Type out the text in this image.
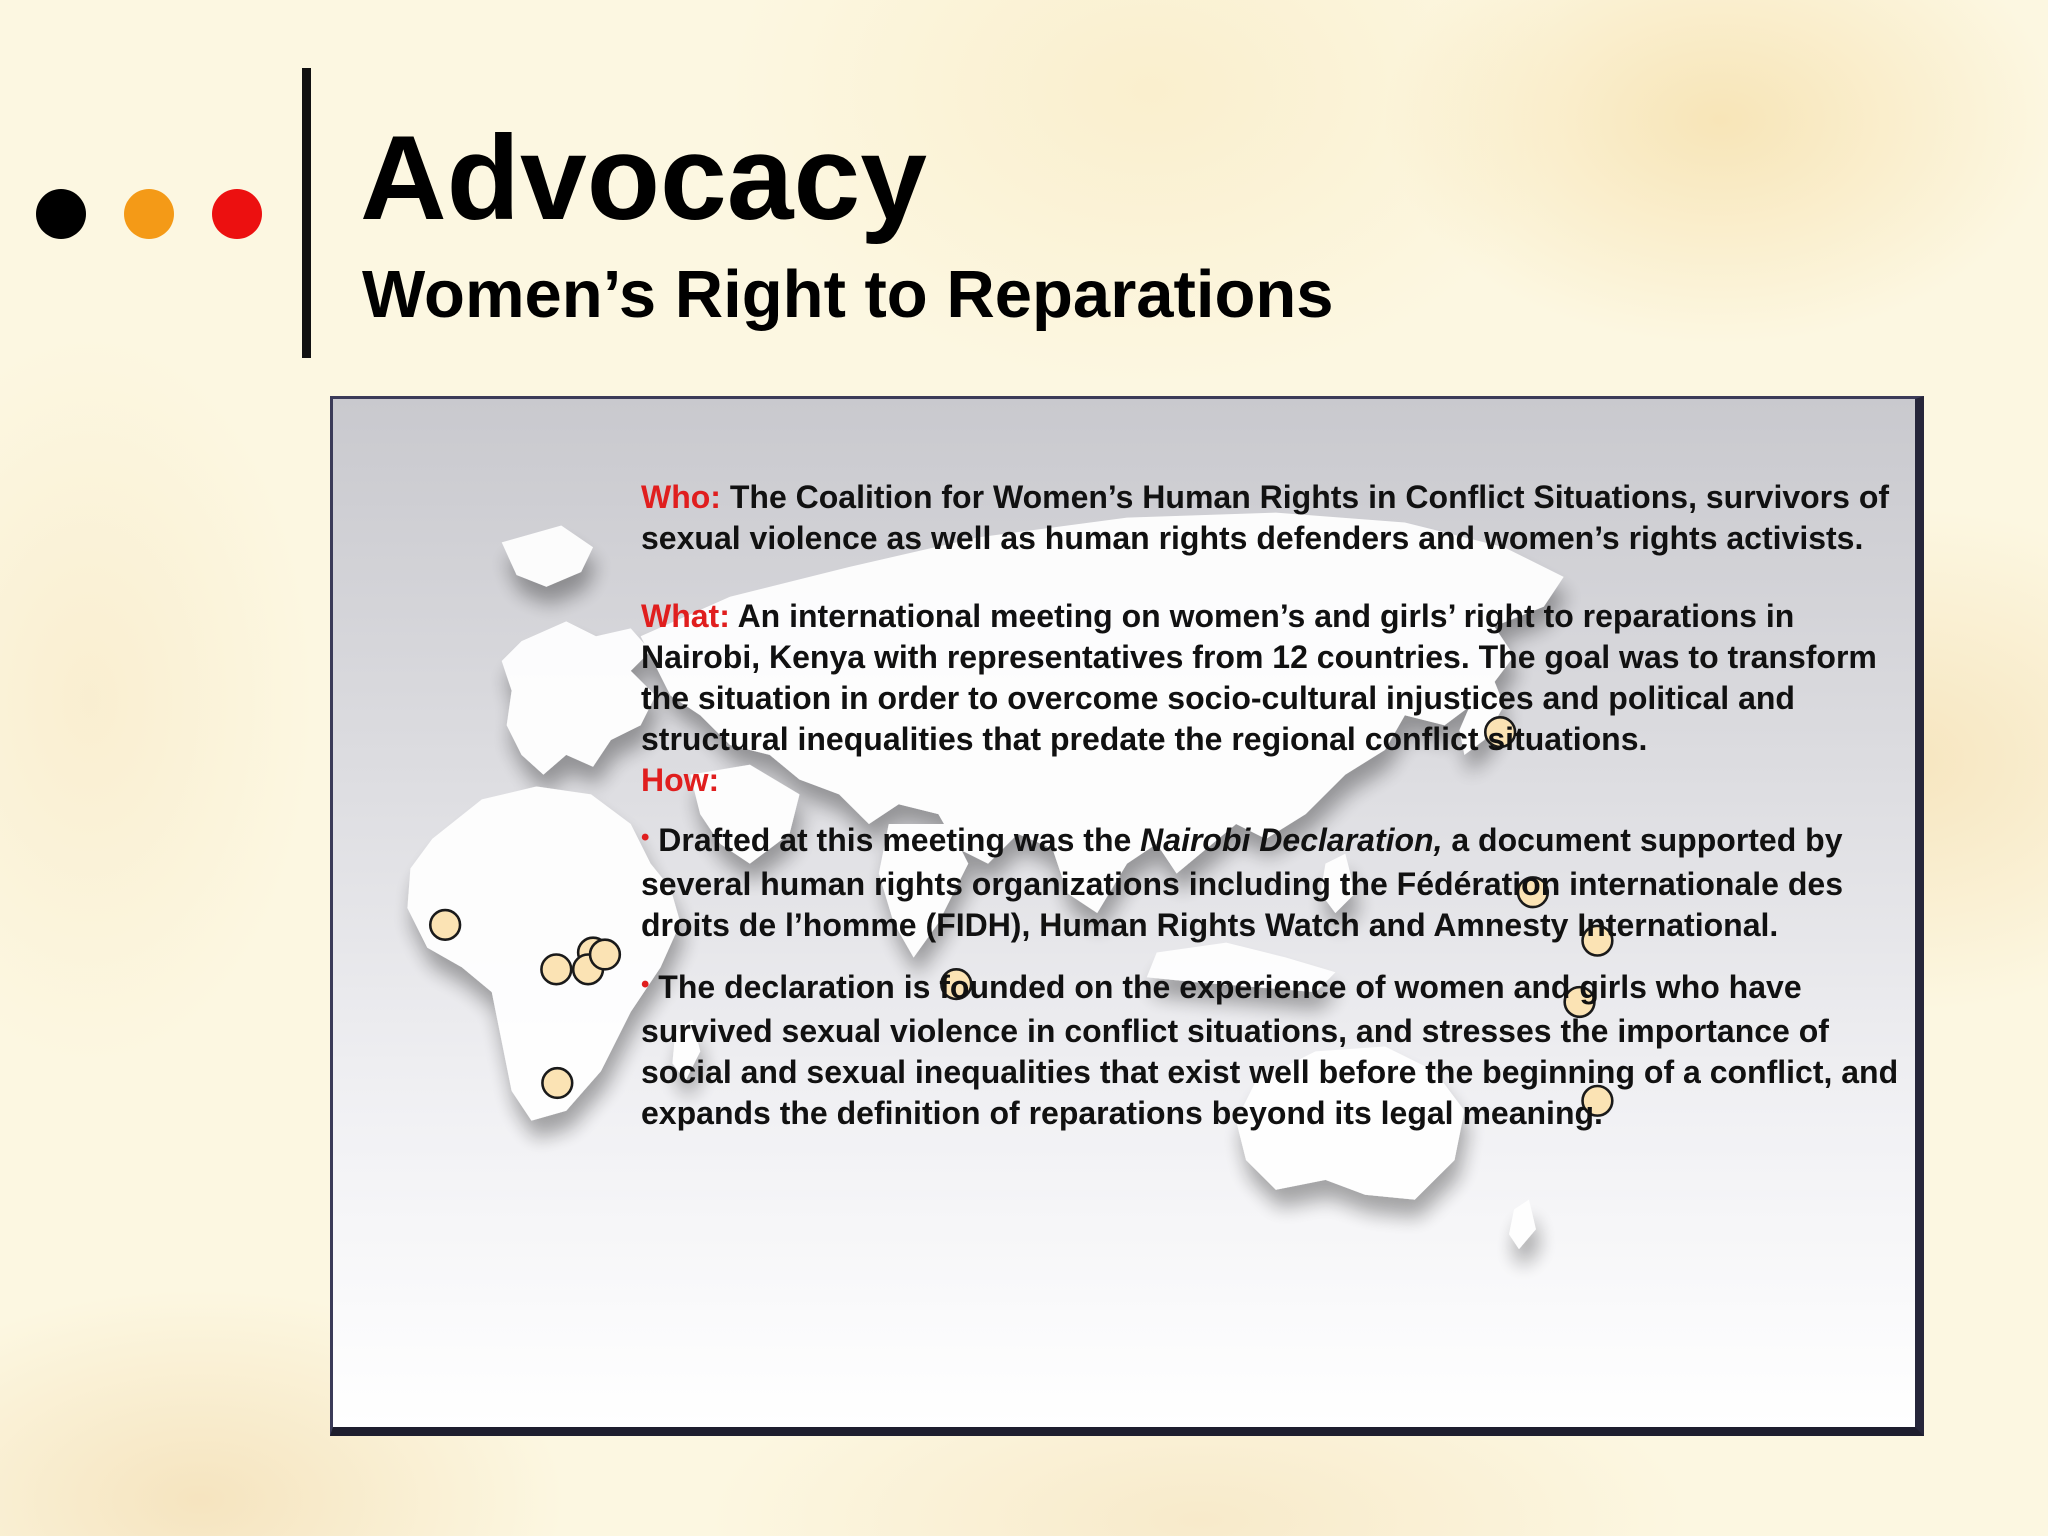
Advocacy
Women’s Right to Reparations

Who: The Coalition for Women’s Human Rights in Conflict Situations, survivors of sexual violence as well as human rights defenders and women’s rights activists.

What: An international meeting on women’s and girls’ right to reparations in Nairobi, Kenya with representatives from 12 countries. The goal was to transform the situation in order to overcome socio-cultural injustices and political and structural inequalities that predate the regional conflict situations.

How:

• Drafted at this meeting was the Nairobi Declaration, a document supported by several human rights organizations including the Fédération internationale des droits de l’homme (FIDH), Human Rights Watch and Amnesty International.

• The declaration is founded on the experience of women and girls who have survived sexual violence in conflict situations, and stresses the importance of social and sexual inequalities that exist well before the beginning of a conflict, and expands the definition of reparations beyond its legal meaning.
